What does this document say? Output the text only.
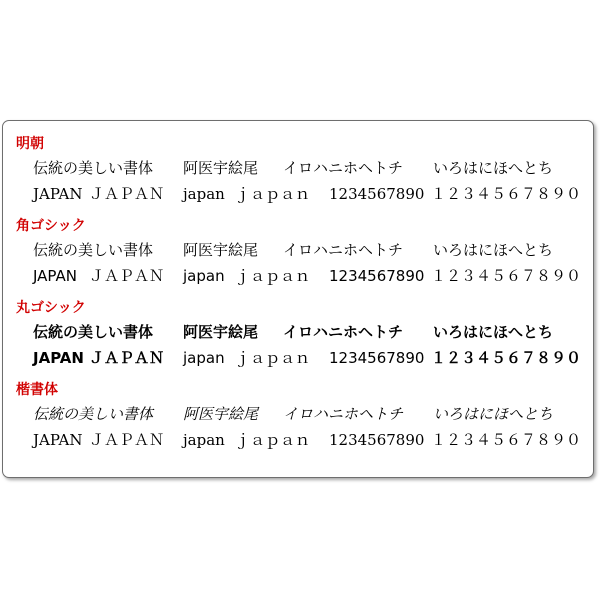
明朝
伝統の美しい書体 阿医宇絵尾 イロハニホヘトチ いろはにほへとち
JAPAN ＪＡＰＡＮ japan ｊａｐａｎ 1234567890 １２３４５６７８９０
角ゴシック
伝統の美しい書体 阿医宇絵尾 イロハニホヘトチ いろはにほへとち
JAPAN ＪＡＰＡＮ japan ｊａｐａｎ 1234567890 １２３４５６７８９０
丸ゴシック
伝統の美しい書体 阿医宇絵尾 イロハニホヘトチ いろはにほへとち
JAPAN ＪＡＰＡＮ japan ｊａｐａｎ 1234567890 １２３４５６７８９０
楷書体
伝統の美しい書体 阿医宇絵尾 イロハニホヘトチ いろはにほへとち
JAPAN ＪＡＰＡＮ japan ｊａｐａｎ 1234567890 １２３４５６７８９０
